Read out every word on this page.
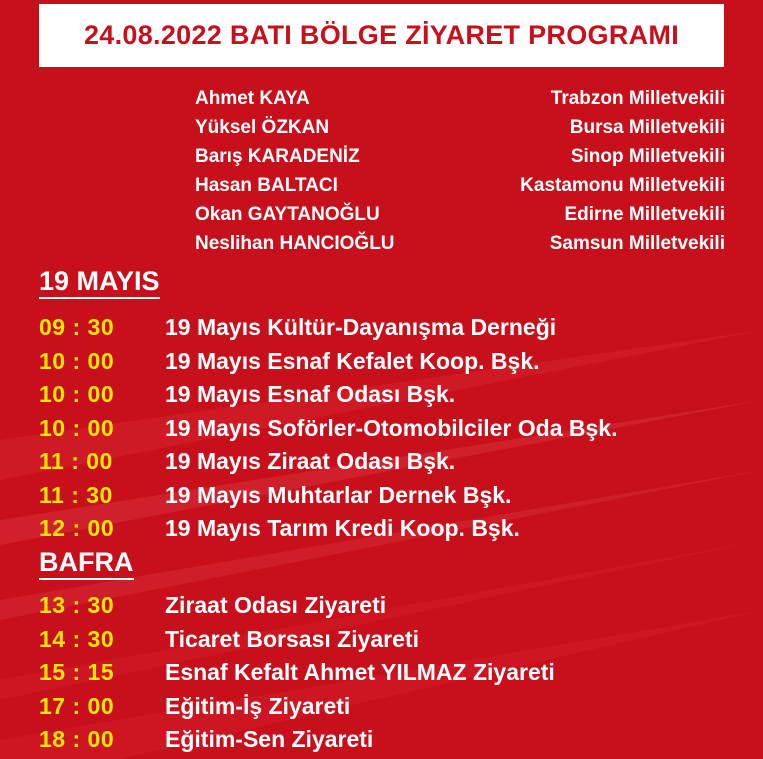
24.08.2022 BATI BÖLGE ZİYARET PROGRAMI
Ahmet KAYA	Trabzon Milletvekili
Yüksel ÖZKAN	Bursa Milletvekili
Barış KARADENİZ	Sinop Milletvekili
Hasan BALTACI	Kastamonu Milletvekili
Okan GAYTANOĞLU	Edirne Milletvekili
Neslihan HANCIOĞLU	Samsun Milletvekili
19 MAYIS
09 : 30	19 Mayıs Kültür-Dayanışma Derneği
10 : 00	19 Mayıs Esnaf Kefalet Koop. Bşk.
10 : 00	19 Mayıs Esnaf Odası Bşk.
10 : 00	19 Mayıs Soförler-Otomobilciler Oda Bşk.
11 : 00	19 Mayıs Ziraat Odası Bşk.
11 : 30	19 Mayıs Muhtarlar Dernek Bşk.
12 : 00	19 Mayıs Tarım Kredi Koop. Bşk.
BAFRA
13 : 30	Ziraat Odası Ziyareti
14 : 30	Ticaret Borsası Ziyareti
15 : 15	Esnaf Kefalt Ahmet YILMAZ Ziyareti
17 : 00	Eğitim-İş Ziyareti
18 : 00	Eğitim-Sen Ziyareti
